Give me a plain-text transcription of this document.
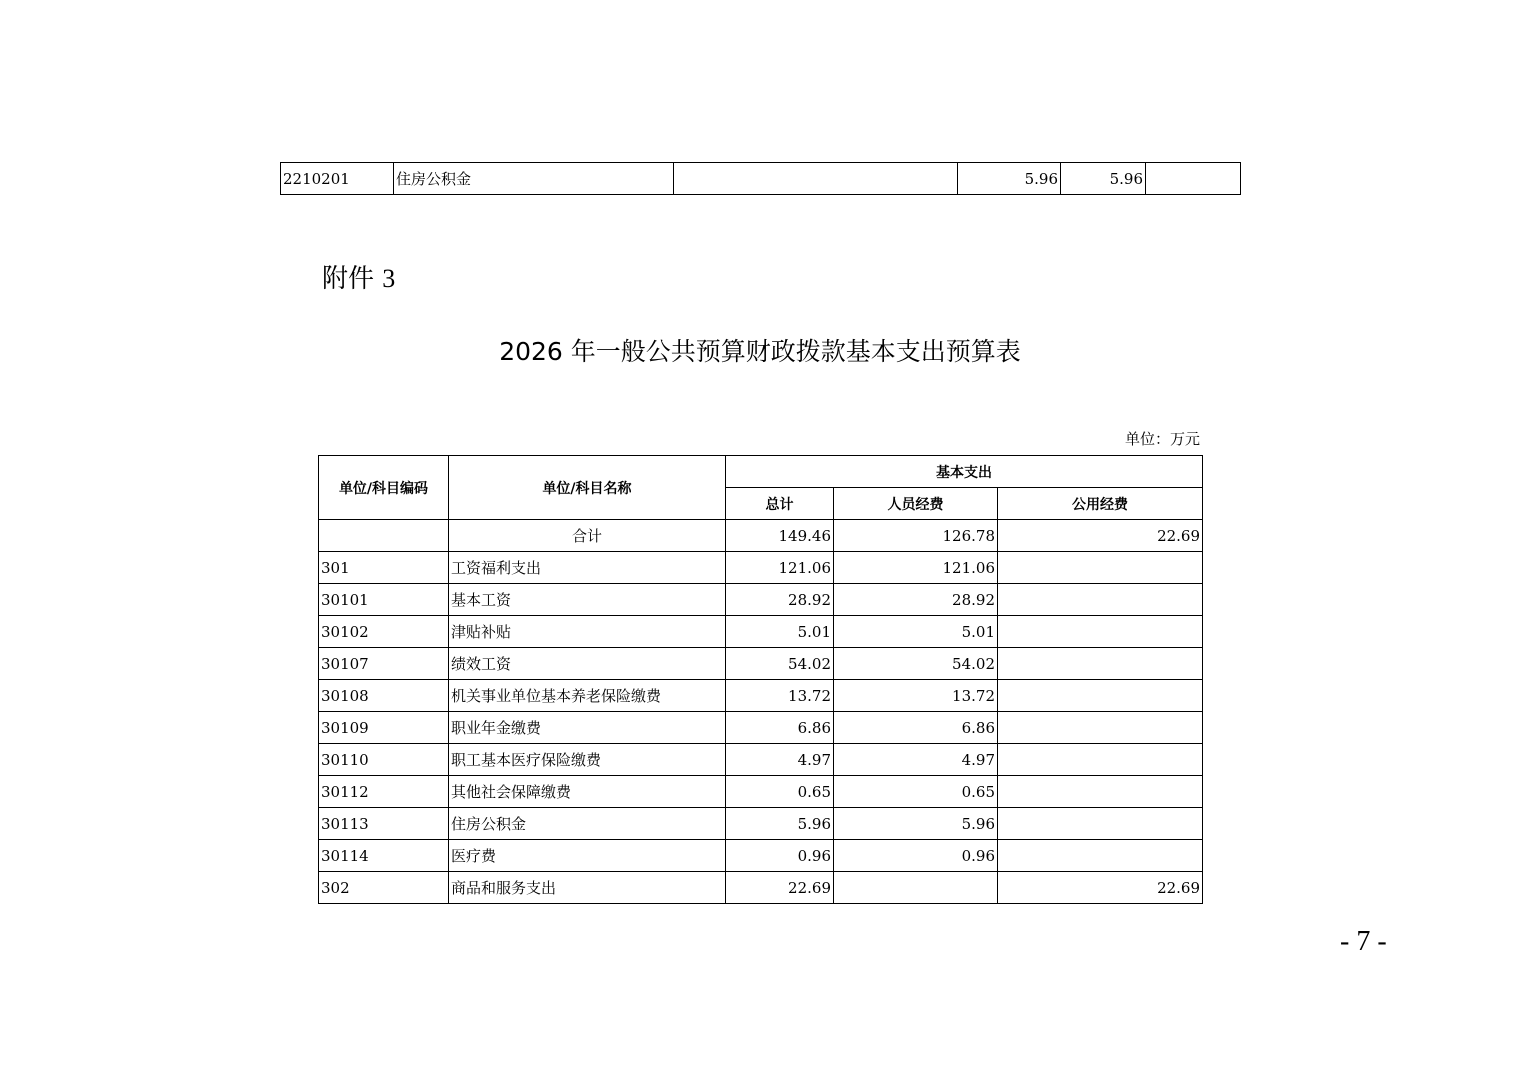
2210201	住房公积金		5.96	5.96	
附件 3
2026 年一般公共预算财政拨款基本支出预算表
单位：万元
单位/科目编码	单位/科目名称	基本支出		
		总计	人员经费	公用经费
	合计	149.46	126.78	22.69
301	工资福利支出	121.06	121.06	
30101	基本工资	28.92	28.92	
30102	津贴补贴	5.01	5.01	
30107	绩效工资	54.02	54.02	
30108	机关事业单位基本养老保险缴费	13.72	13.72	
30109	职业年金缴费	6.86	6.86	
30110	职工基本医疗保险缴费	4.97	4.97	
30112	其他社会保障缴费	0.65	0.65	
30113	住房公积金	5.96	5.96	
30114	医疗费	0.96	0.96	
302	商品和服务支出	22.69		22.69
- 7 -
